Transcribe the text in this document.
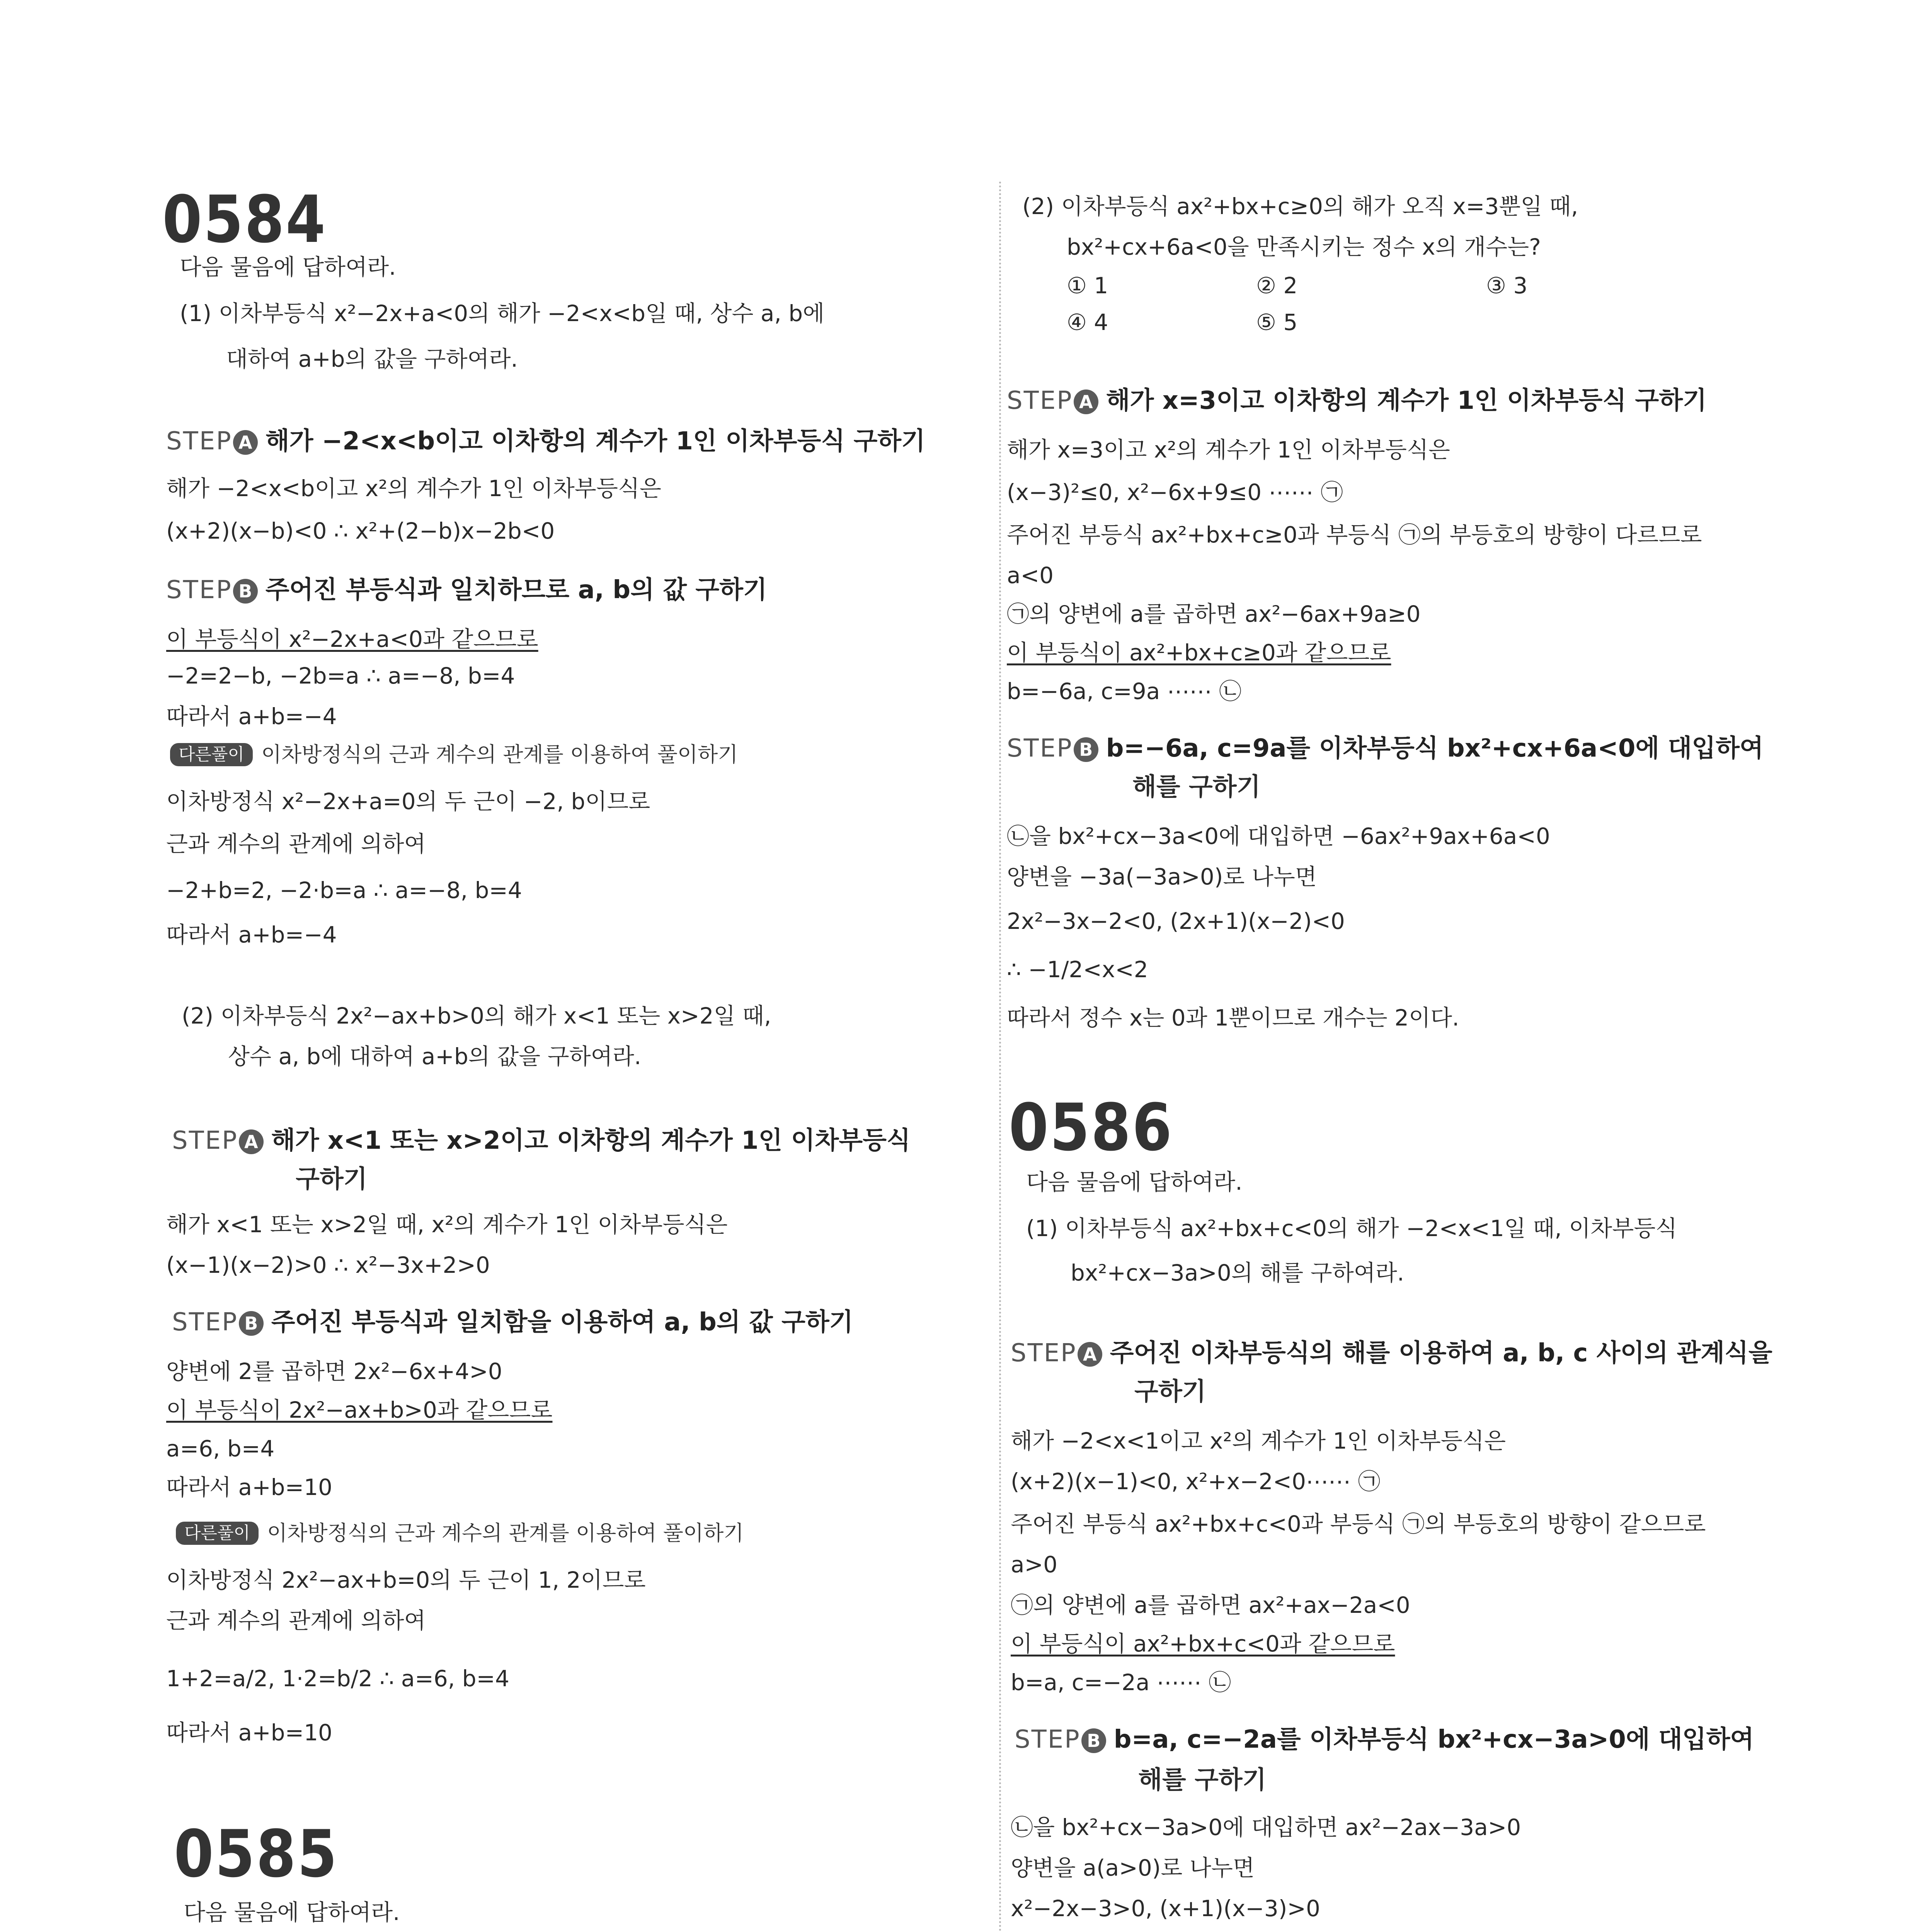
0584
다음 물음에 답하여라.
(1) 이차부등식 x²−2x+a<0의 해가 −2<x<b일 때, 상수 a, b에
대하여 a+b의 값을 구하여라.
STEP A 해가 −2<x<b이고 이차항의 계수가 1인 이차부등식 구하기
해가 −2<x<b이고 x²의 계수가 1인 이차부등식은
(x+2)(x−b)<0 ∴ x²+(2−b)x−2b<0
STEP B 주어진 부등식과 일치하므로 a, b의 값 구하기
이 부등식이 x²−2x+a<0과 같으므로
−2=2−b, −2b=a ∴ a=−8, b=4
따라서 a+b=−4
다른풀이 이차방정식의 근과 계수의 관계를 이용하여 풀이하기
이차방정식 x²−2x+a=0의 두 근이 −2, b이므로
근과 계수의 관계에 의하여
−2+b=2, −2·b=a ∴ a=−8, b=4
따라서 a+b=−4
(2) 이차부등식 2x²−ax+b>0의 해가 x<1 또는 x>2일 때,
상수 a, b에 대하여 a+b의 값을 구하여라.
STEP A 해가 x<1 또는 x>2이고 이차항의 계수가 1인 이차부등식
구하기
해가 x<1 또는 x>2일 때, x²의 계수가 1인 이차부등식은
(x−1)(x−2)>0 ∴ x²−3x+2>0
STEP B 주어진 부등식과 일치함을 이용하여 a, b의 값 구하기
양변에 2를 곱하면 2x²−6x+4>0
이 부등식이 2x²−ax+b>0과 같으므로
a=6, b=4
따라서 a+b=10
다른풀이 이차방정식의 근과 계수의 관계를 이용하여 풀이하기
이차방정식 2x²−ax+b=0의 두 근이 1, 2이므로
근과 계수의 관계에 의하여
1+2=a/2, 1·2=b/2 ∴ a=6, b=4
따라서 a+b=10
0585
다음 물음에 답하여라.
(2) 이차부등식 ax²+bx+c≥0의 해가 오직 x=3뿐일 때,
bx²+cx+6a<0을 만족시키는 정수 x의 개수는?
① 1	② 2	③ 3
④ 4	⑤ 5
STEP A 해가 x=3이고 이차항의 계수가 1인 이차부등식 구하기
해가 x=3이고 x²의 계수가 1인 이차부등식은
(x−3)²≤0, x²−6x+9≤0 ⋯⋯ ㉠
주어진 부등식 ax²+bx+c≥0과 부등식 ㉠의 부등호의 방향이 다르므로
a<0
㉠의 양변에 a를 곱하면 ax²−6ax+9a≥0
이 부등식이 ax²+bx+c≥0과 같으므로
b=−6a, c=9a ⋯⋯ ㉡
STEP B b=−6a, c=9a를 이차부등식 bx²+cx+6a<0에 대입하여
해를 구하기
㉡을 bx²+cx−3a<0에 대입하면 −6ax²+9ax+6a<0
양변을 −3a(−3a>0)로 나누면
2x²−3x−2<0, (2x+1)(x−2)<0
∴ −1/2<x<2
따라서 정수 x는 0과 1뿐이므로 개수는 2이다.
0586
다음 물음에 답하여라.
(1) 이차부등식 ax²+bx+c<0의 해가 −2<x<1일 때, 이차부등식
bx²+cx−3a>0의 해를 구하여라.
STEP A 주어진 이차부등식의 해를 이용하여 a, b, c 사이의 관계식을
구하기
해가 −2<x<1이고 x²의 계수가 1인 이차부등식은
(x+2)(x−1)<0, x²+x−2<0⋯⋯ ㉠
주어진 부등식 ax²+bx+c<0과 부등식 ㉠의 부등호의 방향이 같으므로
a>0
㉠의 양변에 a를 곱하면 ax²+ax−2a<0
이 부등식이 ax²+bx+c<0과 같으므로
b=a, c=−2a ⋯⋯ ㉡
STEP B b=a, c=−2a를 이차부등식 bx²+cx−3a>0에 대입하여
해를 구하기
㉡을 bx²+cx−3a>0에 대입하면 ax²−2ax−3a>0
양변을 a(a>0)로 나누면
x²−2x−3>0, (x+1)(x−3)>0
